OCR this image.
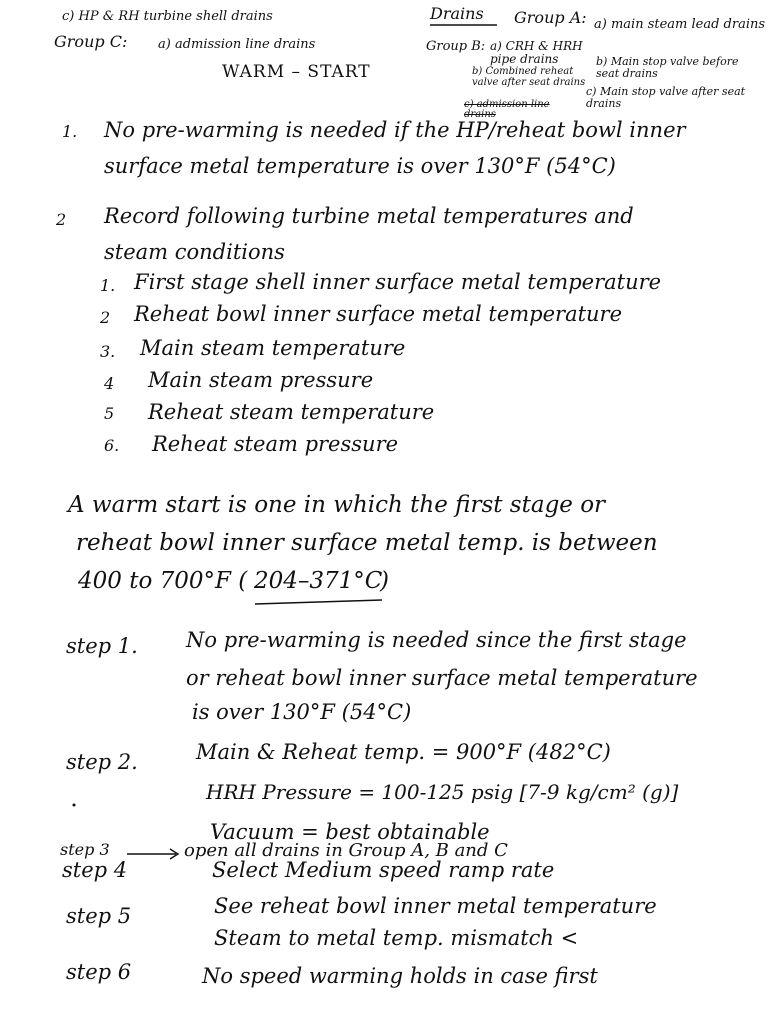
c) HP & RH turbine shell drains
Group C: a) admission line drains
WARM – START
Drains Group A: a) main steam lead drains
Group B: a) CRH & HRH pipe drains
b) Combined reheat valve after seat drains
c) admission line drains
b) Main stop valve before seat drains
c) Main stop valve after seat drains
1. No pre-warming is needed if the HP/reheat bowl inner
surface metal temperature is over 130°F (54°C)
2 Record following turbine metal temperatures and
steam conditions
1. First stage shell inner surface metal temperature
2 Reheat bowl inner surface metal temperature
3. Main steam temperature
4 Main steam pressure
5 Reheat steam temperature
6. Reheat steam pressure
A warm start is one in which the first stage or
reheat bowl inner surface metal temp. is between
400 to 700°F ( 204–371°C
)
step 1. No pre-warming is needed since the first stage
or reheat bowl inner surface metal temperature
is over 130°F (54°C)
step 2.	Main & Reheat temp. = 900°F (482°C)
HRH Pressure = 100-125 psig [7-9 kg/cm² (g)]
Vacuum = best obtainable
step 3	open all drains in Group A, B and C
step 4	Select Medium speed ramp rate
step 5	See reheat bowl inner metal temperature
Steam to metal temp. mismatch <
step 6	No speed warming holds in case first
